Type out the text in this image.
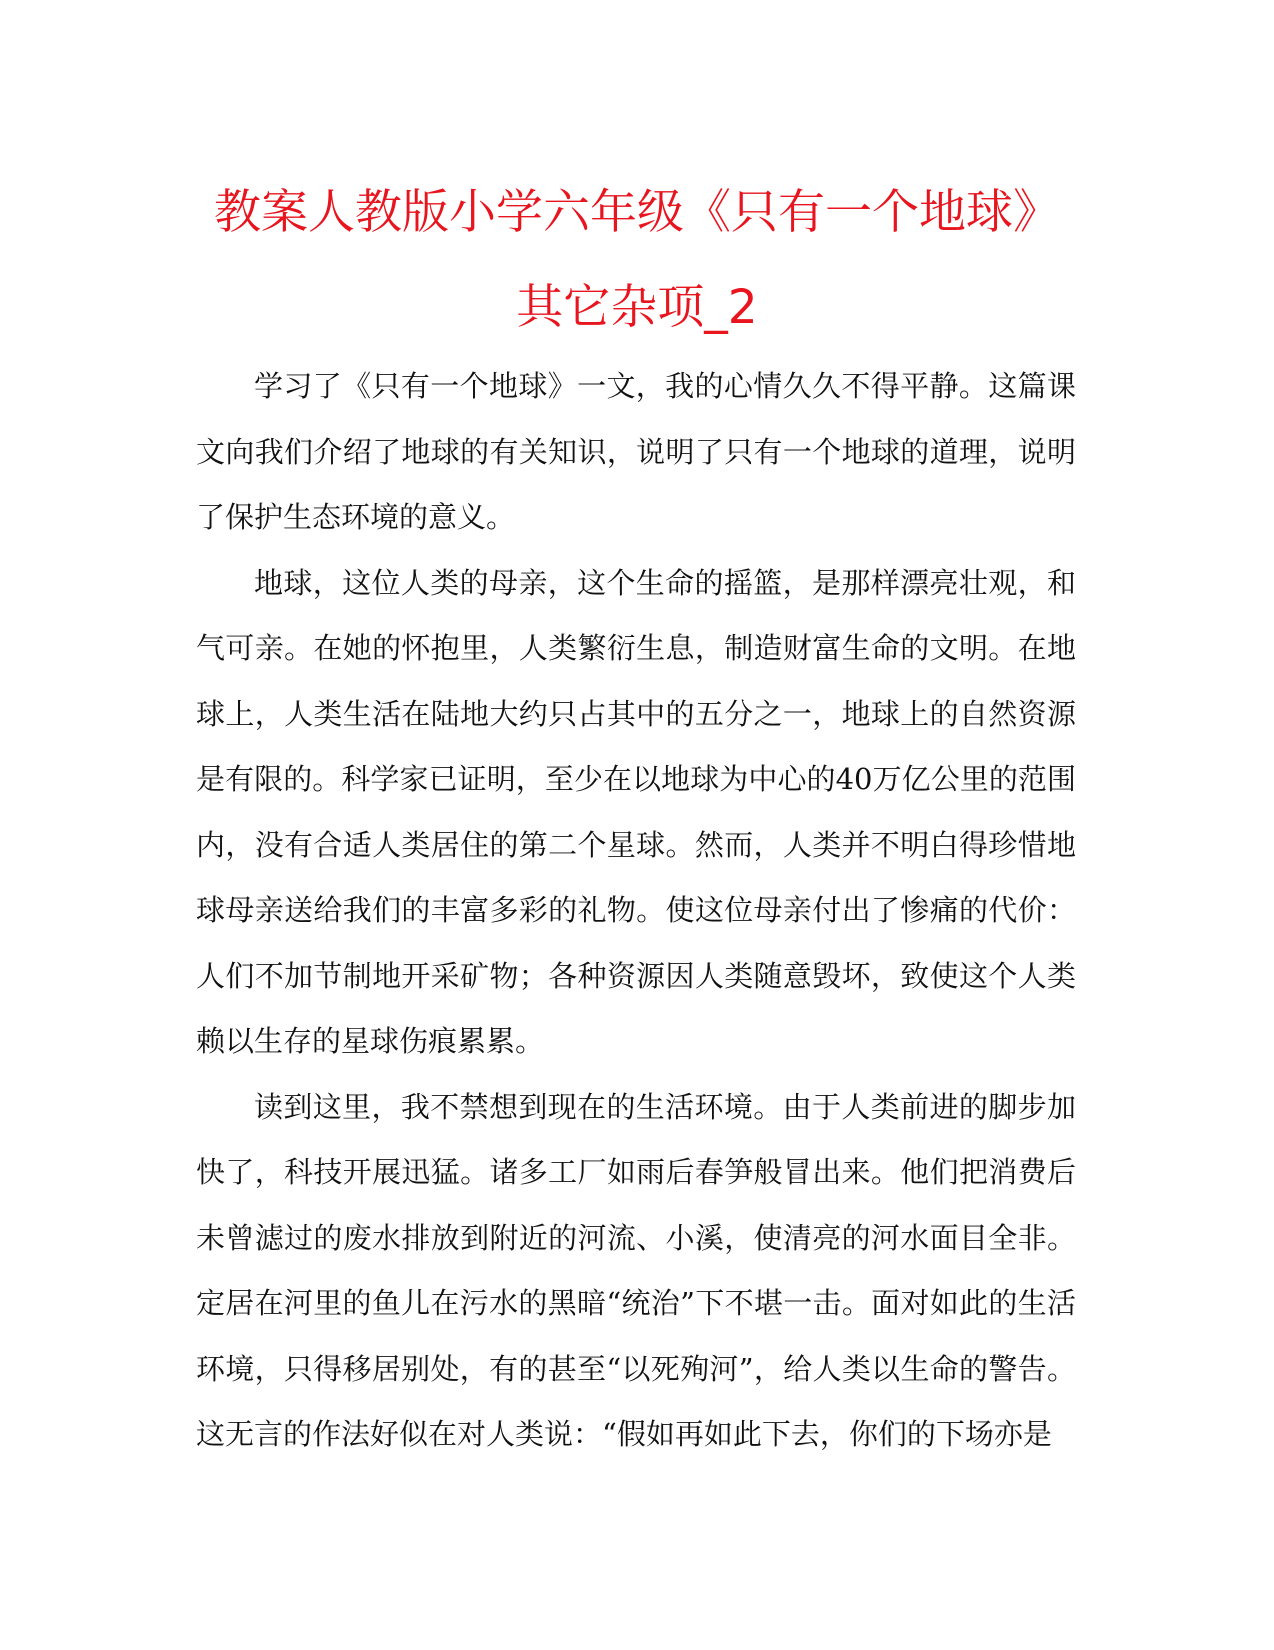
教案人教版小学六年级《只有一个地球》
其它杂项_2

学习了《只有一个地球》一文，我的心情久久不得平静。这篇课文向我们介绍了地球的有关知识，说明了只有一个地球的道理，说明了保护生态环境的意义。

地球，这位人类的母亲，这个生命的摇篮，是那样漂亮壮观，和气可亲。在她的怀抱里，人类繁衍生息，制造财富生命的文明。在地球上，人类生活在陆地大约只占其中的五分之一，地球上的自然资源是有限的。科学家已证明，至少在以地球为中心的40万亿公里的范围内，没有合适人类居住的第二个星球。然而，人类并不明白得珍惜地球母亲送给我们的丰富多彩的礼物。使这位母亲付出了惨痛的代价：人们不加节制地开采矿物；各种资源因人类随意毁坏，致使这个人类赖以生存的星球伤痕累累。

读到这里，我不禁想到现在的生活环境。由于人类前进的脚步加快了，科技开展迅猛。诸多工厂如雨后春笋般冒出来。他们把消费后未曾滤过的废水排放到附近的河流、小溪，使清亮的河水面目全非。定居在河里的鱼儿在污水的黑暗“统治”下不堪一击。面对如此的生活环境，只得移居别处，有的甚至“以死殉河”，给人类以生命的警告。这无言的作法好似在对人类说：“假如再如此下去，你们的下场亦是
